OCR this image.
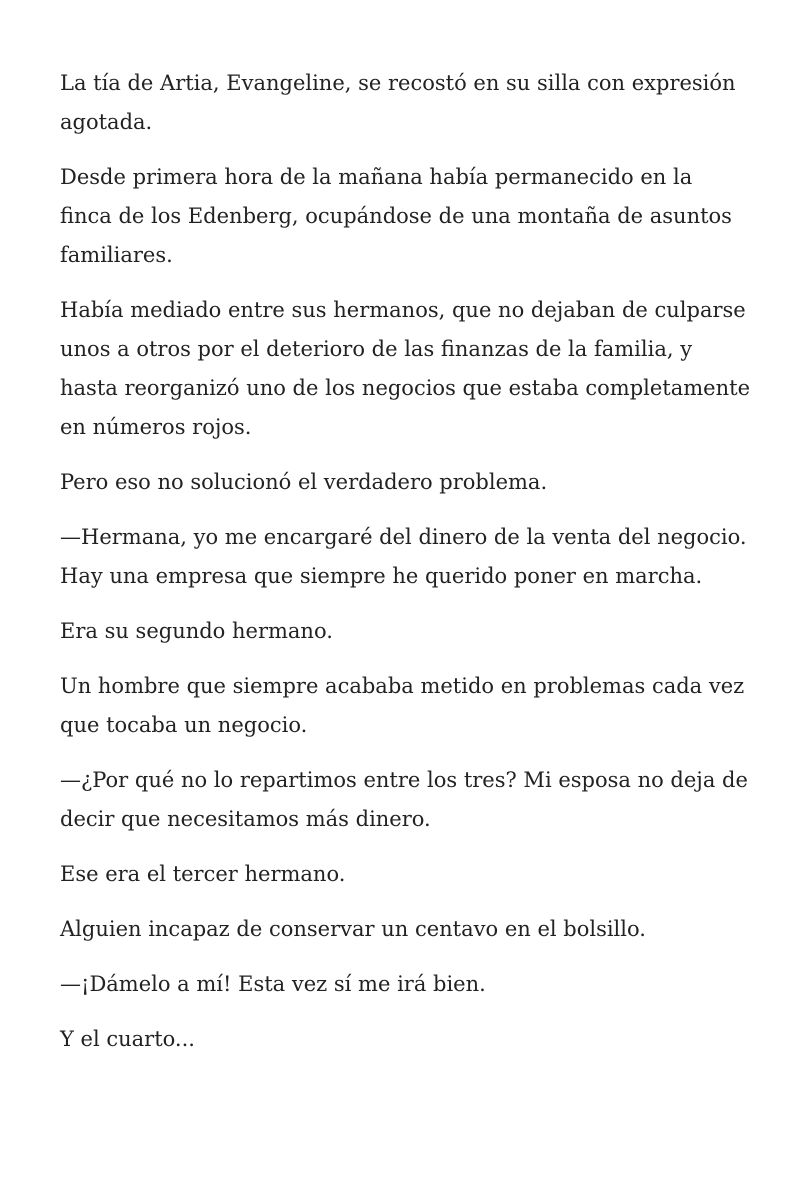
La tía de Artia, Evangeline, se recostó en su silla con expresión agotada.

Desde primera hora de la mañana había permanecido en la finca de los Edenberg, ocupándose de una montaña de asuntos familiares.

Había mediado entre sus hermanos, que no dejaban de culparse unos a otros por el deterioro de las finanzas de la familia, y hasta reorganizó uno de los negocios que estaba completamente en números rojos.

Pero eso no solucionó el verdadero problema.

—Hermana, yo me encargaré del dinero de la venta del negocio. Hay una empresa que siempre he querido poner en marcha.

Era su segundo hermano.

Un hombre que siempre acababa metido en problemas cada vez que tocaba un negocio.

—¿Por qué no lo repartimos entre los tres? Mi esposa no deja de decir que necesitamos más dinero.

Ese era el tercer hermano.

Alguien incapaz de conservar un centavo en el bolsillo.

—¡Dámelo a mí! Esta vez sí me irá bien.

Y el cuarto...
